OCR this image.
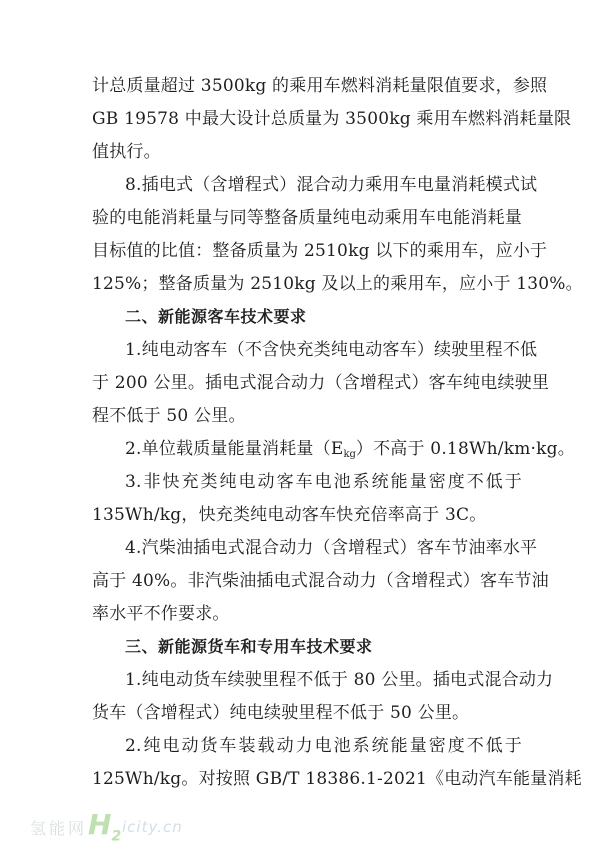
计总质量超过 3500kg 的乘用车燃料消耗量限值要求，参照
GB 19578 中最大设计总质量为 3500kg 乘用车燃料消耗量限
值执行。
8.插电式（含增程式）混合动力乘用车电量消耗模式试
验的电能消耗量与同等整备质量纯电动乘用车电能消耗量
目标值的比值：整备质量为 2510kg 以下的乘用车，应小于
125%；整备质量为 2510kg 及以上的乘用车，应小于 130%。
二、新能源客车技术要求
1.纯电动客车（不含快充类纯电动客车）续驶里程不低
于 200 公里。插电式混合动力（含增程式）客车纯电续驶里
程不低于 50 公里。
2.单位载质量能量消耗量$(E_{kg})$不高于 0.18Wh/km·kg。
3.非快充类纯电动客车电池系统能量密度不低于
135Wh/kg，快充类纯电动客车快充倍率高于 3C。
4.汽柴油插电式混合动力（含增程式）客车节油率水平
高于 40%。非汽柴油插电式混合动力（含增程式）客车节油
率水平不作要求。
三、新能源货车和专用车技术要求
1.纯电动货车续驶里程不低于 80 公里。插电式混合动力
货车（含增程式）纯电续驶里程不低于 50 公里。
2.纯电动货车装载动力电池系统能量密度不低于
125Wh/kg。对按照 GB/T 18386.1-2021《电动汽车能量消耗
氢能网 $H_2$
icity.cn
